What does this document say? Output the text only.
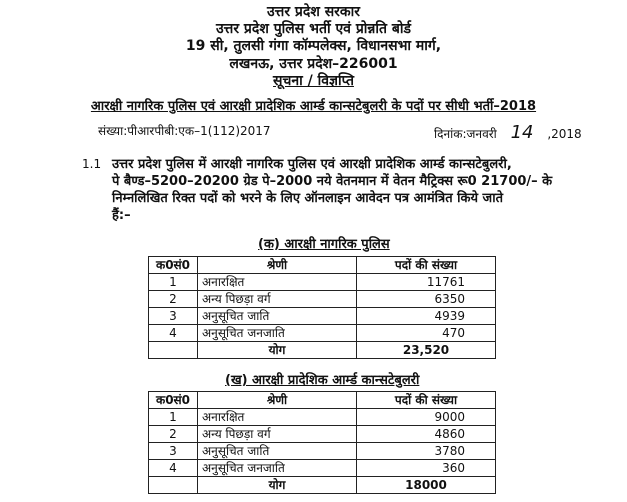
उत्तर प्रदेश सरकार
उत्तर प्रदेश पुलिस भर्ती एवं प्रोन्नति बोर्ड
19 सी, तुलसी गंगा कॉम्पलेक्स, विधानसभा मार्ग,
लखनऊ, उत्तर प्रदेश–226001
सूचना / विज्ञप्ति
आरक्षी नागरिक पुलिस एवं आरक्षी प्रादेशिक आर्म्ड कान्सटेबुलरी के पदों पर सीधी भर्ती–2018
संख्या:पीआरपीबी:एक–1(112)2017	दिनांक:जनवरी 14 ,2018
1.1 उत्तर प्रदेश पुलिस में आरक्षी नागरिक पुलिस एवं आरक्षी प्रादेशिक आर्म्ड कान्सटेबुलरी,
पे बैण्ड–5200–20200 ग्रेड पे–2000 नये वेतनमान में वेतन मैट्रिक्स रू0 21700/– के
निम्नलिखित रिक्त पदों को भरने के लिए ऑनलाइन आवेदन पत्र आमंत्रित किये जाते
हैं:–
(क) आरक्षी नागरिक पुलिस
क0सं0	श्रेणी	पदों की संख्या
1	अनारक्षित	11761
2	अन्य पिछड़ा वर्ग	6350
3	अनुसूचित जाति	4939
4	अनुसूचित जनजाति	470
	योग	23,520
(ख) आरक्षी प्रादेशिक आर्म्ड कान्सटेबुलरी
क0सं0	श्रेणी	पदों की संख्या
1	अनारक्षित	9000
2	अन्य पिछड़ा वर्ग	4860
3	अनुसूचित जाति	3780
4	अनुसूचित जनजाति	360
	योग	18000
